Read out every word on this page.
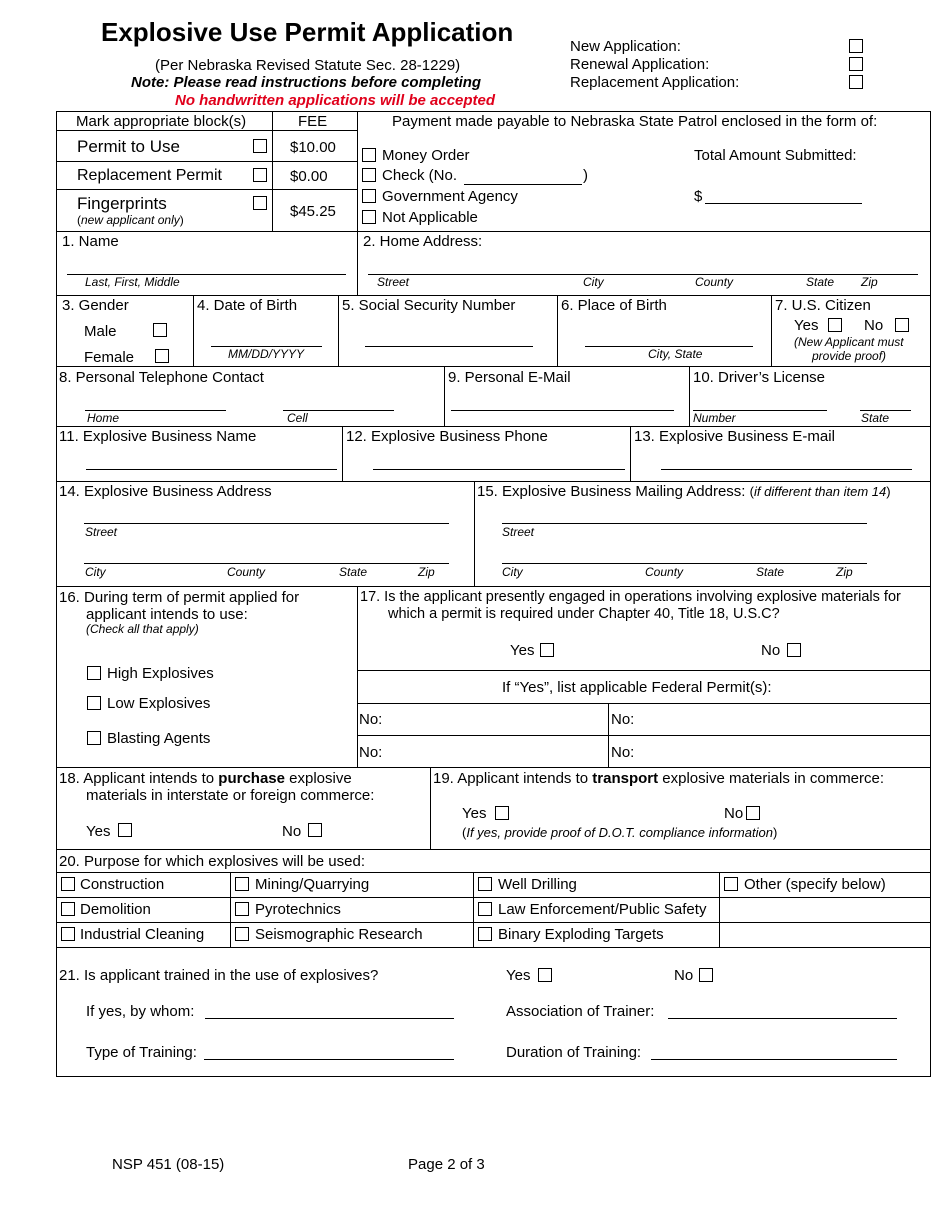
Explosive Use Permit Application
(Per Nebraska Revised Statute Sec. 28-1229)
Note: Please read instructions before completing
No handwritten applications will be accepted
New Application:
Renewal Application:
Replacement Application:
Mark appropriate block(s)	FEE
Permit to Use	$10.00
Replacement Permit	$0.00
Fingerprints
(new applicant only)	$45.25
Payment made payable to Nebraska State Patrol enclosed in the form of:
Money Order
Check (No.	)
Government Agency
Not Applicable
Total Amount Submitted:
$
1. Name
Last, First, Middle
2. Home Address:
Street	City	County	State Zip
3. Gender
Male
Female
4. Date of Birth
MM/DD/YYYY
5. Social Security Number	6. Place of Birth
City, State
7. U.S. Citizen
Yes	No
(New Applicant must
provide proof)
8. Personal Telephone Contact
Home	Cell
9. Personal E-Mail	10. Driver’s License
Number	State
11. Explosive Business Name	12. Explosive Business Phone	13. Explosive Business E-mail
14. Explosive Business Address
Street
City	County	State	Zip
15. Explosive Business Mailing Address: (if different than item 14)
Street
City	County	State	Zip
16. During term of permit applied for
applicant intends to use:
(Check all that apply)
High Explosives
Low Explosives
Blasting Agents
17. Is the applicant presently engaged in operations involving explosive materials for
which a permit is required under Chapter 40, Title 18, U.S.C?
Yes	No
If “Yes”, list applicable Federal Permit(s):
No:	No:
No:	No:
18. Applicant intends to purchase explosive
materials in interstate or foreign commerce:
Yes	No
19. Applicant intends to transport explosive materials in commerce:
Yes	No
(If yes, provide proof of D.O.T. compliance information)
20. Purpose for which explosives will be used:
Construction	Mining/Quarrying	Well Drilling	Other (specify below)
Demolition	Pyrotechnics	Law Enforcement/Public Safety
Industrial Cleaning	Seismographic Research	Binary Exploding Targets
21. Is applicant trained in the use of explosives?	Yes	No
If yes, by whom:	Association of Trainer:
Type of Training:	Duration of Training:
NSP 451 (08-15)	Page 2 of 3
